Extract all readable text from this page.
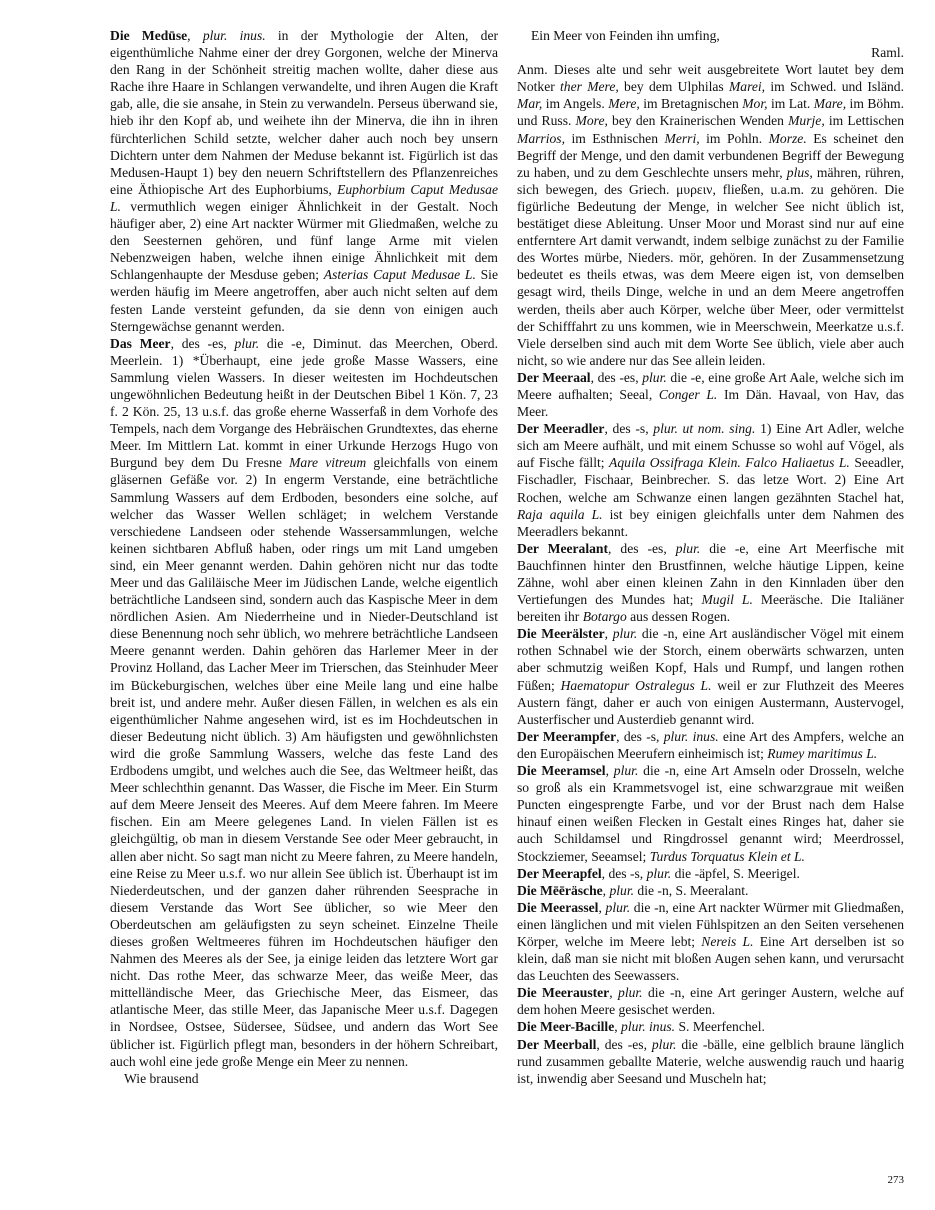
Die Medūse, plur. inus. in der Mythologie der Alten, der eigenthümliche Nahme einer der drey Gorgonen, welche der Minerva den Rang in der Schönheit streitig machen wollte, daher diese aus Rache ihre Haare in Schlangen verwandelte, und ihren Augen die Kraft gab, alle, die sie ansahe, in Stein zu verwandeln. Perseus überwand sie, hieb ihr den Kopf ab, und weihete ihn der Minerva, die ihn in ihren fürchterlichen Schild setzte, welcher daher auch noch bey unsern Dichtern unter dem Nahmen der Meduse bekannt ist. Figürlich ist das Medusen-Haupt 1) bey den neuern Schriftstellern des Pflanzenreiches eine Äthiopische Art des Euphorbiums, Euphorbium Caput Medusae L. vermuthlich wegen einiger Ähnlichkeit in der Gestalt. Noch häufiger aber, 2) eine Art nackter Würmer mit Gliedmaßen, welche zu den Seesternen gehören, und fünf lange Arme mit vielen Nebenzweigen haben, welche ihnen einige Ähnlichkeit mit dem Schlangenhaupte der Mesduse geben; Asterias Caput Medusae L. Sie werden häufig im Meere angetroffen, aber auch nicht selten auf dem festen Lande versteint gefunden, da sie denn von einigen auch Sterngewächse genannt werden.

Das Meer, des -es, plur. die -e, Diminut. das Meerchen, Oberd. Meerlein. 1) *Überhaupt, eine jede große Masse Wassers, eine Sammlung vielen Wassers. In dieser weitesten im Hochdeutschen ungewöhnlichen Bedeutung heißt in der Deutschen Bibel 1 Kön. 7, 23 f. 2 Kön. 25, 13 u.s.f. das große eherne Wasserfaß in dem Vorhofe des Tempels, nach dem Vorgange des Hebräischen Grundtextes, das eherne Meer. Im Mittlern Lat. kommt in einer Urkunde Herzogs Hugo von Burgund bey dem Du Fresne Mare vitreum gleichfalls von einem gläsernen Gefäße vor. 2) In engerm Verstande, eine beträchtliche Sammlung Wassers auf dem Erdboden, besonders eine solche, auf welcher das Wasser Wellen schläget; in welchem Verstande verschiedene Landseen oder stehende Wassersammlungen, welche keinen sichtbaren Abfluß haben, oder rings um mit Land umgeben sind, ein Meer genannt werden. Dahin gehören nicht nur das todte Meer und das Galiläische Meer im Jüdischen Lande, welche eigentlich beträchtliche Landseen sind, sondern auch das Kaspische Meer in dem nördlichen Asien. Am Niederrheine und in Nieder-Deutschland ist diese Benennung noch sehr üblich, wo mehrere beträchtliche Landseen Meere genannt werden. Dahin gehören das Harlemer Meer in der Provinz Holland, das Lacher Meer im Trierschen, das Steinhuder Meer im Bückeburgischen, welches über eine Meile lang und eine halbe breit ist, und andere mehr. Außer diesen Fällen, in welchen es als ein eigenthümlicher Nahme angesehen wird, ist es im Hochdeutschen in dieser Bedeutung nicht üblich. 3) Am häufigsten und gewöhnlichsten wird die große Sammlung Wassers, welche das feste Land des Erdbodens umgibt, und welches auch die See, das Weltmeer heißt, das Meer schlechthin genannt. Das Wasser, die Fische im Meer. Ein Sturm auf dem Meere Jenseit des Meeres. Auf dem Meere fahren. Im Meere fischen. Ein am Meere gelegenes Land. In vielen Fällen ist es gleichgültig, ob man in diesem Verstande See oder Meer gebraucht, in allen aber nicht. So sagt man nicht zu Meere fahren, zu Meere handeln, eine Reise zu Meer u.s.f. wo nur allein See üblich ist. Überhaupt ist im Niederdeutschen, und der ganzen daher rührenden Seesprache in diesem Verstande das Wort See üblicher, so wie Meer den Oberdeutschen am geläufigsten zu seyn scheinet. Einzelne Theile dieses großen Weltmeeres führen im Hochdeutschen häufiger den Nahmen des Meeres als der See, ja einige leiden das letztere Wort gar nicht. Das rothe Meer, das schwarze Meer, das weiße Meer, das mittelländische Meer, das Griechische Meer, das Eismeer, das atlantische Meer, das stille Meer, das Japanische Meer u.s.f. Dagegen in Nordsee, Ostsee, Südersee, Südsee, und andern das Wort See üblicher ist. Figürlich pflegt man, besonders in der höhern Schreibart, auch wohl eine jede große Menge ein Meer zu nennen.

Wie brausend

Ein Meer von Feinden ihn umfing,

Raml.

Anm. Dieses alte und sehr weit ausgebreitete Wort lautet bey dem Notker ther Mere, bey dem Ulphilas Marei, im Schwed. und Isländ. Mar, im Angels. Mere, im Bretagnischen Mor, im Lat. Mare, im Böhm. und Russ. More, bey den Krainerischen Wenden Murje, im Lettischen Marrios, im Esthnischen Merri, im Pohln. Morze. Es scheinet den Begriff der Menge, und den damit verbundenen Begriff der Bewegung zu haben, und zu dem Geschlechte unsers mehr, plus, mähren, rühren, sich bewegen, des Griech. μυρειν, fließen, u.a.m. zu gehören. Die figürliche Bedeutung der Menge, in welcher See nicht üblich ist, bestätiget diese Ableitung. Unser Moor und Morast sind nur auf eine entferntere Art damit verwandt, indem selbige zunächst zu der Familie des Wortes mürbe, Nieders. mör, gehören. In der Zusammensetzung bedeutet es theils etwas, was dem Meere eigen ist, von demselben gesagt wird, theils Dinge, welche in und an dem Meere angetroffen werden, theils aber auch Körper, welche über Meer, oder vermittelst der Schifffahrt zu uns kommen, wie in Meerschwein, Meerkatze u.s.f. Viele derselben sind auch mit dem Worte See üblich, viele aber auch nicht, so wie andere nur das See allein leiden.

Der Meeraal, des -es, plur. die -e, eine große Art Aale, welche sich im Meere aufhalten; Seeal, Conger L. Im Dän. Havaal, von Hav, das Meer.

Der Meeradler, des -s, plur. ut nom. sing. 1) Eine Art Adler, welche sich am Meere aufhält, und mit einem Schusse so wohl auf Vögel, als auf Fische fällt; Aquila Ossifraga Klein. Falco Haliaetus L. Seeadler, Fischadler, Fischaar, Beinbrecher. S. das letze Wort. 2) Eine Art Rochen, welche am Schwanze einen langen gezähnten Stachel hat, Raja aquila L. ist bey einigen gleichfalls unter dem Nahmen des Meeradlers bekannt.

Der Meeralant, des -es, plur. die -e, eine Art Meerfische mit Bauchfinnen hinter den Brustfinnen, welche häutige Lippen, keine Zähne, wohl aber einen kleinen Zahn in den Kinnladen über den Vertiefungen des Mundes hat; Mugil L. Meeräsche. Die Italiäner bereiten ihr Botargo aus dessen Rogen.

Die Meerälster, plur. die -n, eine Art ausländischer Vögel mit einem rothen Schnabel wie der Storch, einem oberwärts schwarzen, unten aber schmutzig weißen Kopf, Hals und Rumpf, und langen rothen Füßen; Haematopur Ostralegus L. weil er zur Fluthzeit des Meeres Austern fängt, daher er auch von einigen Austermann, Austervogel, Austerfischer und Austerdieb genannt wird.

Der Meerampfer, des -s, plur. inus. eine Art des Ampfers, welche an den Europäischen Meerufern einheimisch ist; Rumey maritimus L.

Die Meeramsel, plur. die -n, eine Art Amseln oder Drosseln, welche so groß als ein Krammetsvogel ist, eine schwarzgraue mit weißen Puncten eingesprengte Farbe, und vor der Brust nach dem Halse hinauf einen weißen Flecken in Gestalt eines Ringes hat, daher sie auch Schildamsel und Ringdrossel genannt wird; Meerdrossel, Stockziemer, Seeamsel; Turdus Torquatus Klein et L.

Der Meerapfel, des -s, plur. die -äpfel, S. Meerigel.

Die Mēēräsche, plur. die -n, S. Meeralant.

Die Meerassel, plur. die -n, eine Art nackter Würmer mit Gliedmaßen, einen länglichen und mit vielen Fühlspitzen an den Seiten versehenen Körper, welche im Meere lebt; Nereis L. Eine Art derselben ist so klein, daß man sie nicht mit bloßen Augen sehen kann, und verursacht das Leuchten des Seewassers.

Die Meerauster, plur. die -n, eine Art geringer Austern, welche auf dem hohen Meere gesischet werden.

Die Meer-Bacille, plur. inus. S. Meerfenchel.

Der Meerball, des -es, plur. die -bälle, eine gelblich braune länglich rund zusammen geballte Materie, welche auswendig rauch und haarig ist, inwendig aber Seesand und Muscheln hat;

273
